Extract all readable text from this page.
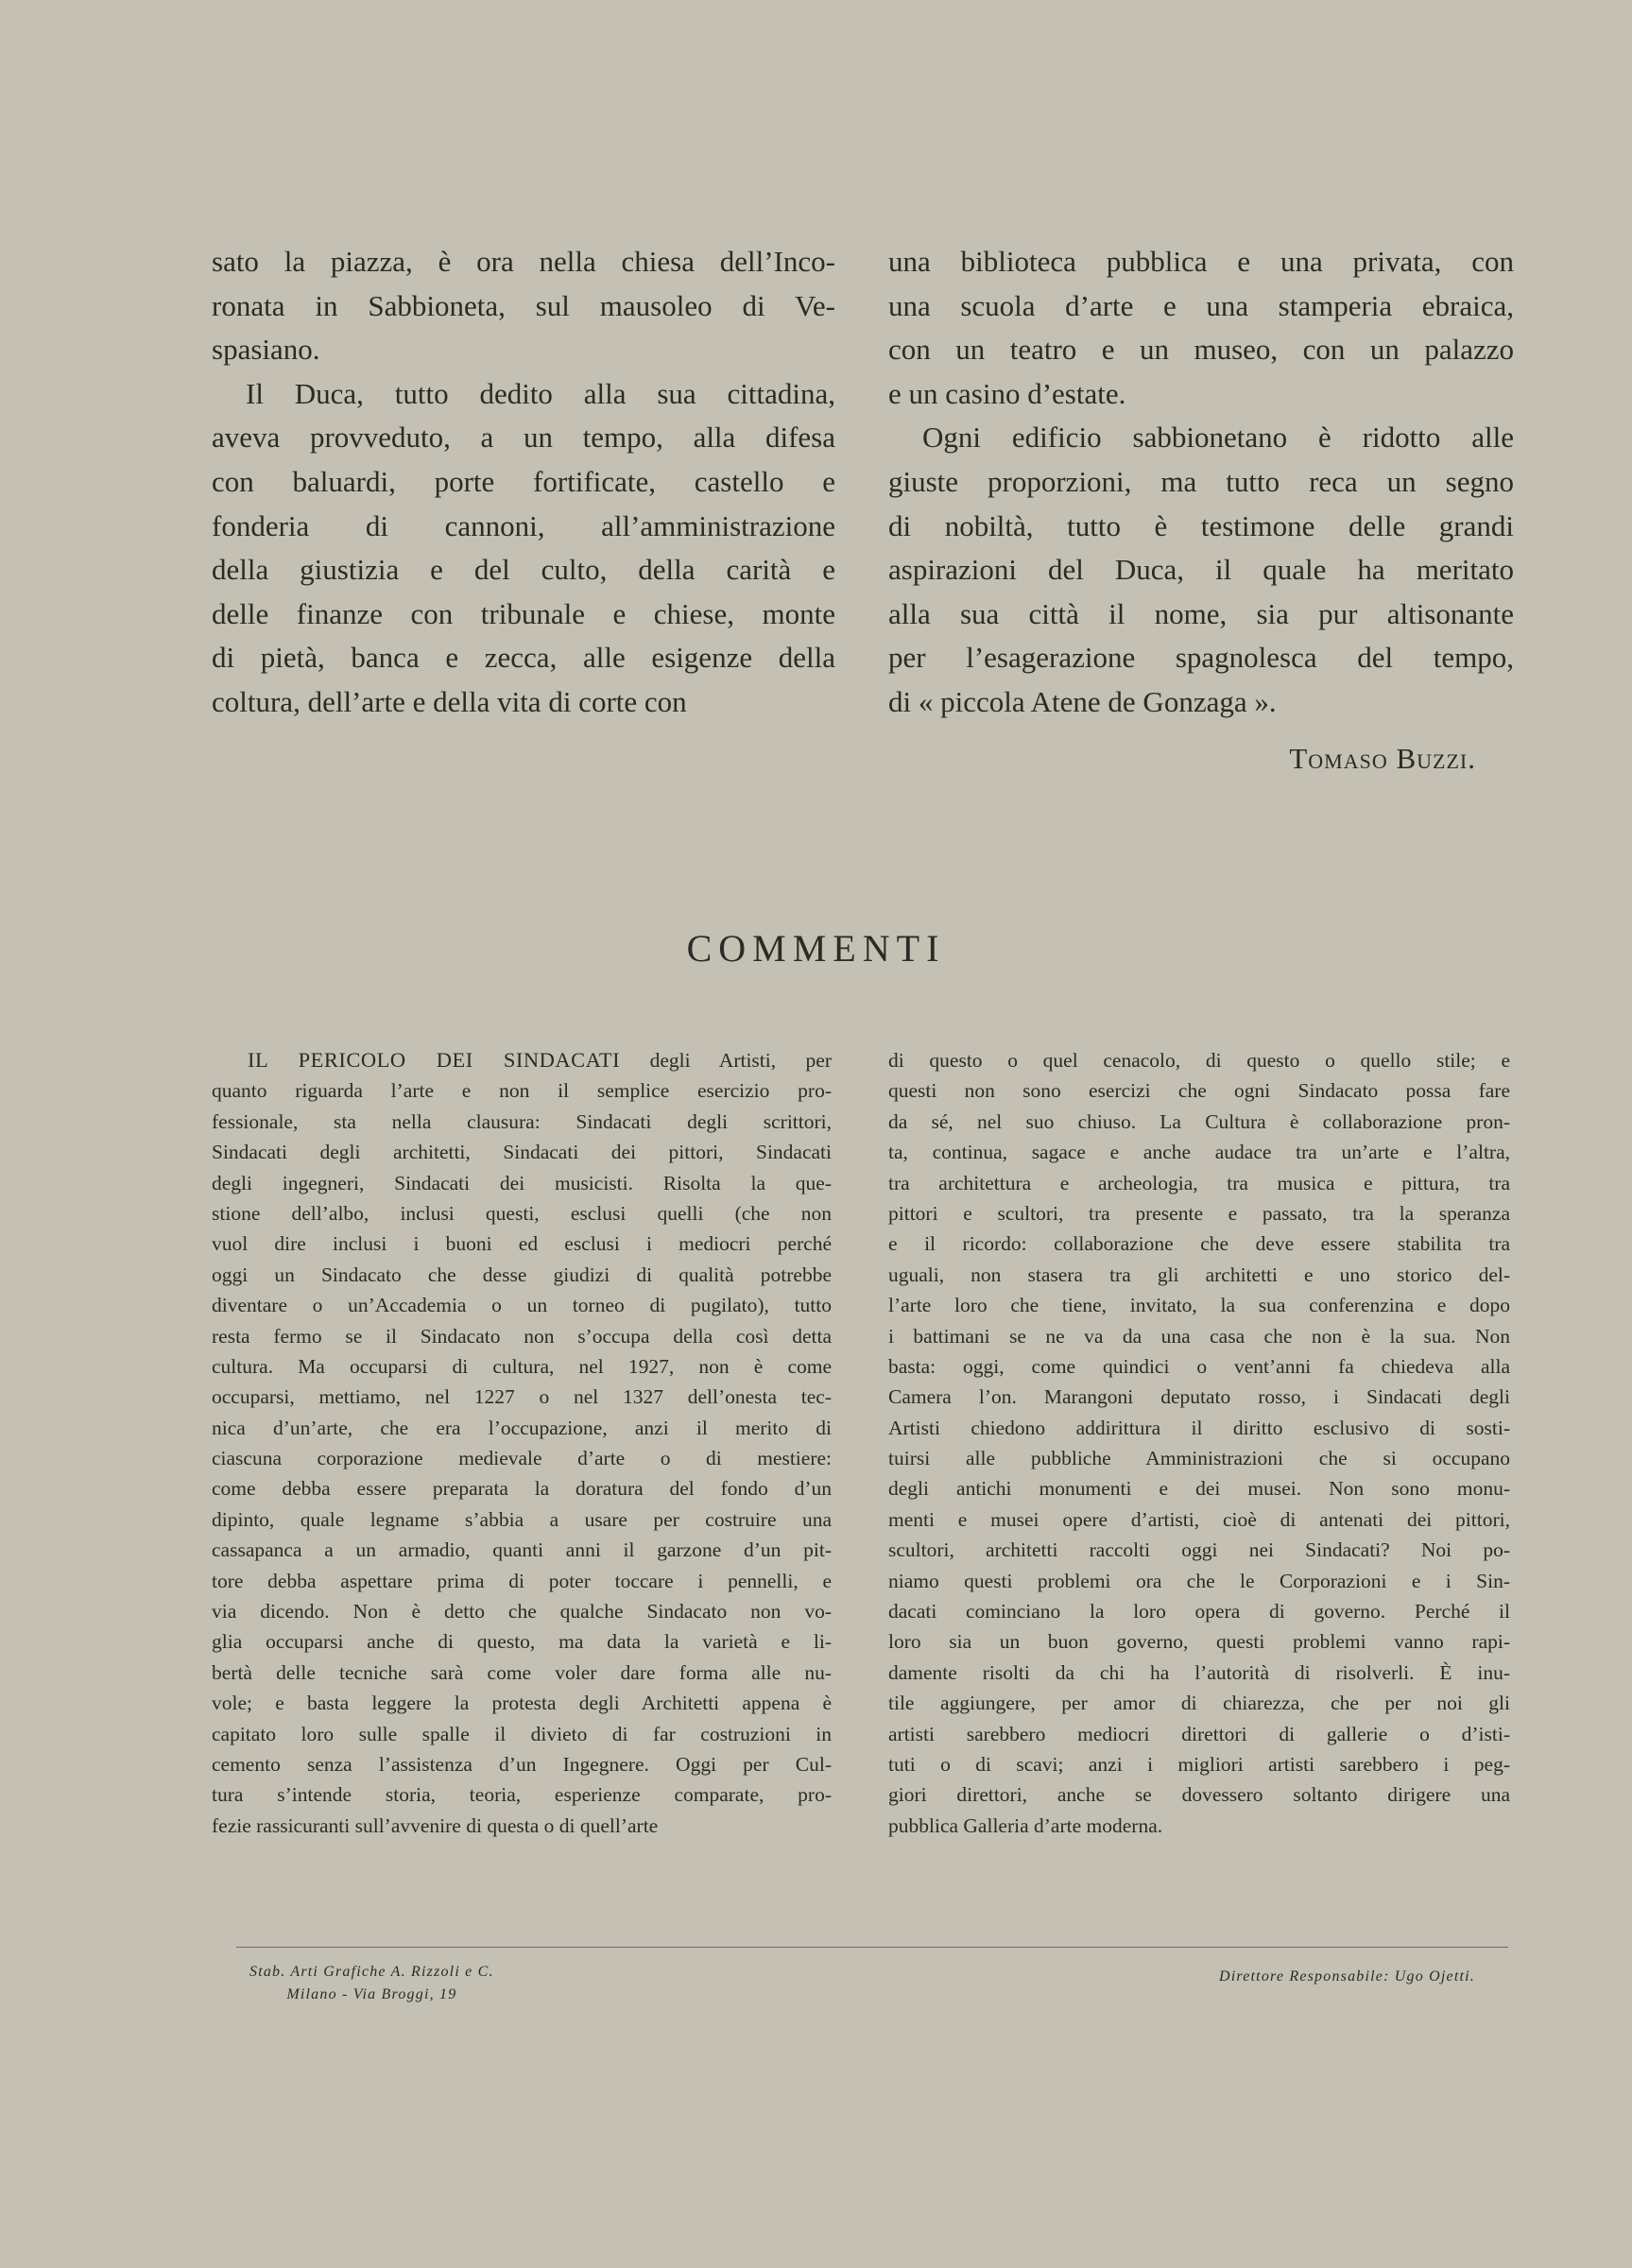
sato la piazza, è ora nella chiesa dell’Inco-
ronata in Sabbioneta, sul mausoleo di Ve-
spasiano.
Il Duca, tutto dedito alla sua cittadina,
aveva provveduto, a un tempo, alla difesa
con baluardi, porte fortificate, castello e
fonderia di cannoni, all’amministrazione
della giustizia e del culto, della carità e
delle finanze con tribunale e chiese, monte
di pietà, banca e zecca, alle esigenze della
coltura, dell’arte e della vita di corte con
una biblioteca pubblica e una privata, con
una scuola d’arte e una stamperia ebraica,
con un teatro e un museo, con un palazzo
e un casino d’estate.
Ogni edificio sabbionetano è ridotto alle
giuste proporzioni, ma tutto reca un segno
di nobiltà, tutto è testimone delle grandi
aspirazioni del Duca, il quale ha meritato
alla sua città il nome, sia pur altisonante
per l’esagerazione spagnolesca del tempo,
di « piccola Atene de Gonzaga ».
Tomaso Buzzi.
COMMENTI
IL PERICOLO DEI SINDACATI degli Artisti, per
quanto riguarda l’arte e non il semplice esercizio pro-
fessionale, sta nella clausura: Sindacati degli scrittori,
Sindacati degli architetti, Sindacati dei pittori, Sindacati
degli ingegneri, Sindacati dei musicisti. Risolta la que-
stione dell’albo, inclusi questi, esclusi quelli (che non
vuol dire inclusi i buoni ed esclusi i mediocri perché
oggi un Sindacato che desse giudizi di qualità potrebbe
diventare o un’Accademia o un torneo di pugilato), tutto
resta fermo se il Sindacato non s’occupa della così detta
cultura. Ma occuparsi di cultura, nel 1927, non è come
occuparsi, mettiamo, nel 1227 o nel 1327 dell’onesta tec-
nica d’un’arte, che era l’occupazione, anzi il merito di
ciascuna corporazione medievale d’arte o di mestiere:
come debba essere preparata la doratura del fondo d’un
dipinto, quale legname s’abbia a usare per costruire una
cassapanca a un armadio, quanti anni il garzone d’un pit-
tore debba aspettare prima di poter toccare i pennelli, e
via dicendo. Non è detto che qualche Sindacato non vo-
glia occuparsi anche di questo, ma data la varietà e li-
bertà delle tecniche sarà come voler dare forma alle nu-
vole; e basta leggere la protesta degli Architetti appena è
capitato loro sulle spalle il divieto di far costruzioni in
cemento senza l’assistenza d’un Ingegnere. Oggi per Cul-
tura s’intende storia, teoria, esperienze comparate, pro-
fezie rassicuranti sull’avvenire di questa o di quell’arte
di questo o quel cenacolo, di questo o quello stile; e
questi non sono esercizi che ogni Sindacato possa fare
da sé, nel suo chiuso. La Cultura è collaborazione pron-
ta, continua, sagace e anche audace tra un’arte e l’altra,
tra architettura e archeologia, tra musica e pittura, tra
pittori e scultori, tra presente e passato, tra la speranza
e il ricordo: collaborazione che deve essere stabilita tra
uguali, non stasera tra gli architetti e uno storico del-
l’arte loro che tiene, invitato, la sua conferenzina e dopo
i battimani se ne va da una casa che non è la sua. Non
basta: oggi, come quindici o vent’anni fa chiedeva alla
Camera l’on. Marangoni deputato rosso, i Sindacati degli
Artisti chiedono addirittura il diritto esclusivo di sosti-
tuirsi alle pubbliche Amministrazioni che si occupano
degli antichi monumenti e dei musei. Non sono monu-
menti e musei opere d’artisti, cioè di antenati dei pittori,
scultori, architetti raccolti oggi nei Sindacati? Noi po-
niamo questi problemi ora che le Corporazioni e i Sin-
dacati cominciano la loro opera di governo. Perché il
loro sia un buon governo, questi problemi vanno rapi-
damente risolti da chi ha l’autorità di risolverli. È inu-
tile aggiungere, per amor di chiarezza, che per noi gli
artisti sarebbero mediocri direttori di gallerie o d’isti-
tuti o di scavi; anzi i migliori artisti sarebbero i peg-
giori direttori, anche se dovessero soltanto dirigere una
pubblica Galleria d’arte moderna.
Stab. Arti Grafiche A. Rizzoli e C.
Milano - Via Broggi, 19
Direttore Responsabile: Ugo Ojetti.
